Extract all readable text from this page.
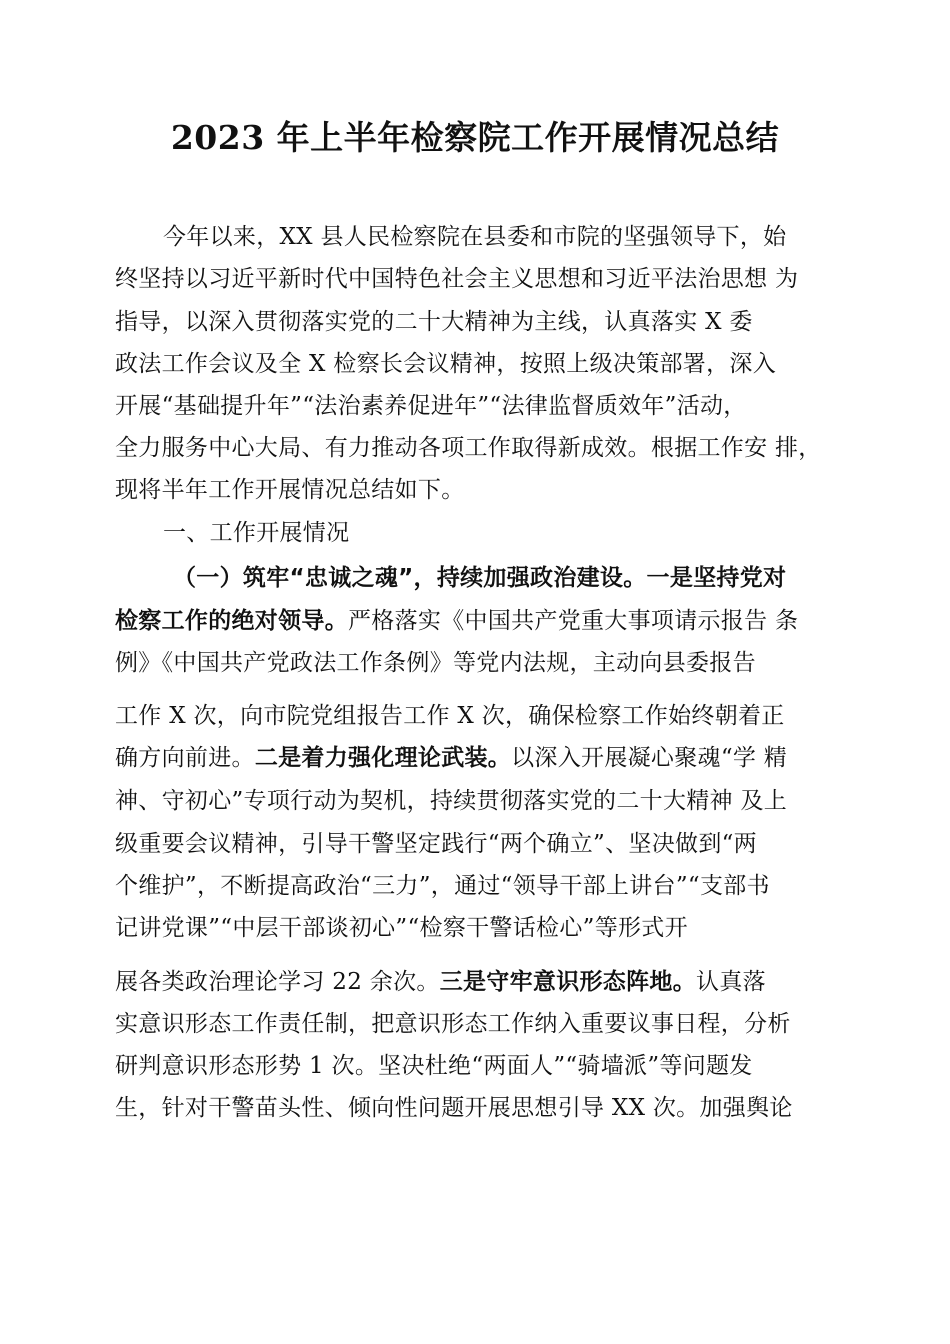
2023 年上半年检察院工作开展情况总结
今年以来，XX 县人民检察院在县委和市院的坚强领导下，始
终坚持以习近平新时代中国特色社会主义思想和习近平法治思想 为
指导，以深入贯彻落实党的二十大精神为主线，认真落实 X 委
政法工作会议及全 X 检察长会议精神，按照上级决策部署，深入
开展“基础提升年”“法治素养促进年”“法律监督质效年”活动，
全力服务中心大局、有力推动各项工作取得新成效。根据工作安 排，
现将半年工作开展情况总结如下。
一、工作开展情况
（一）筑牢“忠诚之魂”，持续加强政治建设。一是坚持党对
检察工作的绝对领导。严格落实《中国共产党重大事项请示报告 条
例》《中国共产党政法工作条例》等党内法规，主动向县委报告
工作 X 次，向市院党组报告工作 X 次，确保检察工作始终朝着正
确方向前进。二是着力强化理论武装。以深入开展凝心聚魂“学 精
神、守初心”专项行动为契机，持续贯彻落实党的二十大精神 及上
级重要会议精神，引导干警坚定践行“两个确立”、坚决做到“两
个维护”，不断提高政治“三力”，通过“领导干部上讲台”“支部书
记讲党课”“中层干部谈初心”“检察干警话检心”等形式开
展各类政治理论学习 22 余次。三是守牢意识形态阵地。认真落
实意识形态工作责任制，把意识形态工作纳入重要议事日程，分析
研判意识形态形势 1 次。坚决杜绝“两面人”“骑墙派”等问题发
生，针对干警苗头性、倾向性问题开展思想引导 XX 次。加强舆论
